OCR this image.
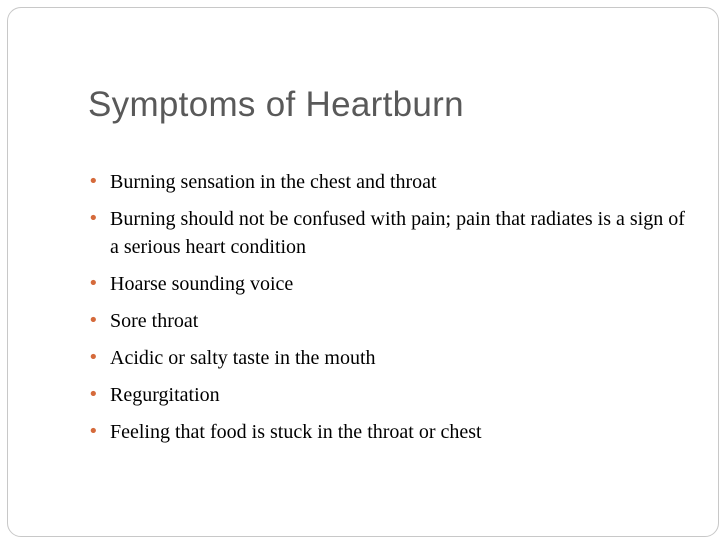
Symptoms of Heartburn
• Burning sensation in the chest and throat
• Burning should not be confused with pain; pain that radiates is a sign of a serious heart condition
• Hoarse sounding voice
• Sore throat
• Acidic or salty taste in the mouth
• Regurgitation
• Feeling that food is stuck in the throat or chest
